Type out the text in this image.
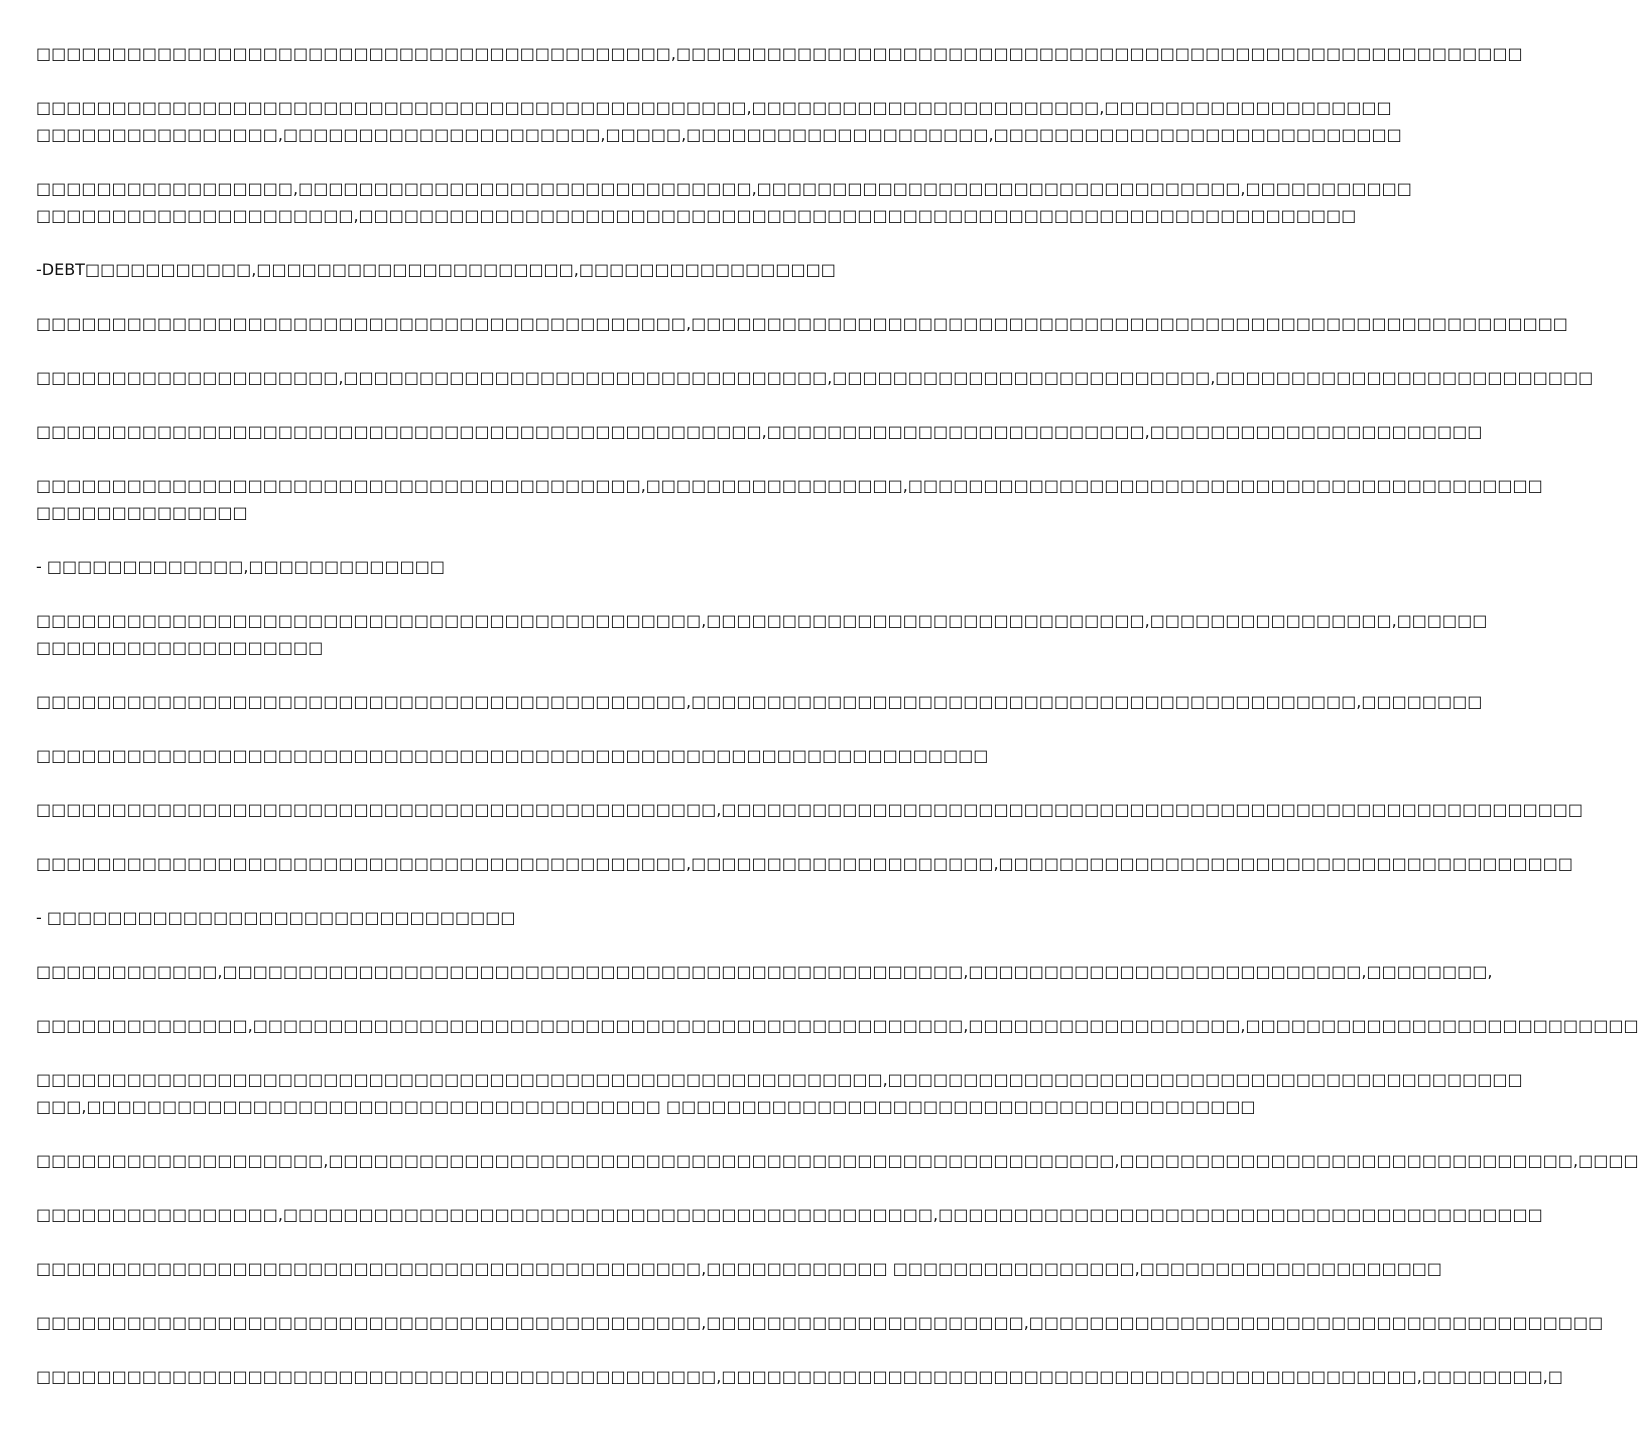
□□□□□□□□□□□□□□□□□□□□□□□□□□□□□□□□□□□□□□□□□□,□□□□□□□□□□□□□□□□□□□□□□□□□□□□□□□□□□□□□□□□□□□□□□□□□□□□□□□□

□□□□□□□□□□□□□□□□□□□□□□□□□□□□□□□□□□□□□□□□□□□□□□□,□□□□□□□□□□□□□□□□□□□□□□□,□□□□□□□□□□□□□□□□□□□
□□□□□□□□□□□□□□□□,□□□□□□□□□□□□□□□□□□□□□,□□□□□,□□□□□□□□□□□□□□□□□□□□,□□□□□□□□□□□□□□□□□□□□□□□□□□□

□□□□□□□□□□□□□□□□□,□□□□□□□□□□□□□□□□□□□□□□□□□□□□□□,□□□□□□□□□□□□□□□□□□□□□□□□□□□□□□□□,□□□□□□□□□□□
□□□□□□□□□□□□□□□□□□□□□,□□□□□□□□□□□□□□□□□□□□□□□□□□□□□□□□□□□□□□□□□□□□□□□□□□□□□□□□□□□□□□□□□□

-DEBT□□□□□□□□□□□,□□□□□□□□□□□□□□□□□□□□□,□□□□□□□□□□□□□□□□□

□□□□□□□□□□□□□□□□□□□□□□□□□□□□□□□□□□□□□□□□□□□,□□□□□□□□□□□□□□□□□□□□□□□□□□□□□□□□□□□□□□□□□□□□□□□□□□□□□□□□□□

□□□□□□□□□□□□□□□□□□□□,□□□□□□□□□□□□□□□□□□□□□□□□□□□□□□□□,□□□□□□□□□□□□□□□□□□□□□□□□□,□□□□□□□□□□□□□□□□□□□□□□□□□

□□□□□□□□□□□□□□□□□□□□□□□□□□□□□□□□□□□□□□□□□□□□□□□□,□□□□□□□□□□□□□□□□□□□□□□□□□,□□□□□□□□□□□□□□□□□□□□□□

□□□□□□□□□□□□□□□□□□□□□□□□□□□□□□□□□□□□□□□□,□□□□□□□□□□□□□□□□□,□□□□□□□□□□□□□□□□□□□□□□□□□□□□□□□□□□□□□□□□□□
□□□□□□□□□□□□□□

- □□□□□□□□□□□□□,□□□□□□□□□□□□□

□□□□□□□□□□□□□□□□□□□□□□□□□□□□□□□□□□□□□□□□□□□□,□□□□□□□□□□□□□□□□□□□□□□□□□□□□□,□□□□□□□□□□□□□□□□,□□□□□□
□□□□□□□□□□□□□□□□□□□

□□□□□□□□□□□□□□□□□□□□□□□□□□□□□□□□□□□□□□□□□□□,□□□□□□□□□□□□□□□□□□□□□□□□□□□□□□□□□□□□□□□□□□□□,□□□□□□□□

□□□□□□□□□□□□□□□□□□□□□□□□□□□□□□□□□□□□□□□□□□□□□□□□□□□□□□□□□□□□□□□

□□□□□□□□□□□□□□□□□□□□□□□□□□□□□□□□□□□□□□□□□□□□□,□□□□□□□□□□□□□□□□□□□□□□□□□□□□□□□□□□□□□□□□□□□□□□□□□□□□□□□□□

□□□□□□□□□□□□□□□□□□□□□□□□□□□□□□□□□□□□□□□□□□□,□□□□□□□□□□□□□□□□□□□□,□□□□□□□□□□□□□□□□□□□□□□□□□□□□□□□□□□□□□□

- □□□□□□□□□□□□□□□□□□□□□□□□□□□□□□□

□□□□□□□□□□□□,□□□□□□□□□□□□□□□□□□□□□□□□□□□□□□□□□□□□□□□□□□□□□□□□□,□□□□□□□□□□□□□□□□□□□□□□□□□□,□□□□□□□□,

□□□□□□□□□□□□□□,□□□□□□□□□□□□□□□□□□□□□□□□□□□□□□□□□□□□□□□□□□□□□□□,□□□□□□□□□□□□□□□□□□,□□□□□□□□□□□□□□□□□□□□□□□□□□

□□□□□□□□□□□□□□□□□□□□□□□□□□□□□□□□□□□□□□□□□□□□□□□□□□□□□□□□,□□□□□□□□□□□□□□□□□□□□□□□□□□□□□□□□□□□□□□□□□□
□□□,□□□□□□□□□□□□□□□□□□□□□□□□□□□□□□□□□□□□□□ □□□□□□□□□□□□□□□□□□□□□□□□□□□□□□□□□□□□□□□

□□□□□□□□□□□□□□□□□□□,□□□□□□□□□□□□□□□□□□□□□□□□□□□□□□□□□□□□□□□□□□□□□□□□□□□□,□□□□□□□□□□□□□□□□□□□□□□□□□□□□□□,□□□□

□□□□□□□□□□□□□□□□,□□□□□□□□□□□□□□□□□□□□□□□□□□□□□□□□□□□□□□□□□□□,□□□□□□□□□□□□□□□□□□□□□□□□□□□□□□□□□□□□□□□□

□□□□□□□□□□□□□□□□□□□□□□□□□□□□□□□□□□□□□□□□□□□□,□□□□□□□□□□□□ □□□□□□□□□□□□□□□□,□□□□□□□□□□□□□□□□□□□□

□□□□□□□□□□□□□□□□□□□□□□□□□□□□□□□□□□□□□□□□□□□□,□□□□□□□□□□□□□□□□□□□□□,□□□□□□□□□□□□□□□□□□□□□□□□□□□□□□□□□□□□□□

□□□□□□□□□□□□□□□□□□□□□□□□□□□□□□□□□□□□□□□□□□□□□,□□□□□□□□□□□□□□□□□□□□□□□□□□□□□□□□□□□□□□□□□□□□□□,□□□□□□□□,□
